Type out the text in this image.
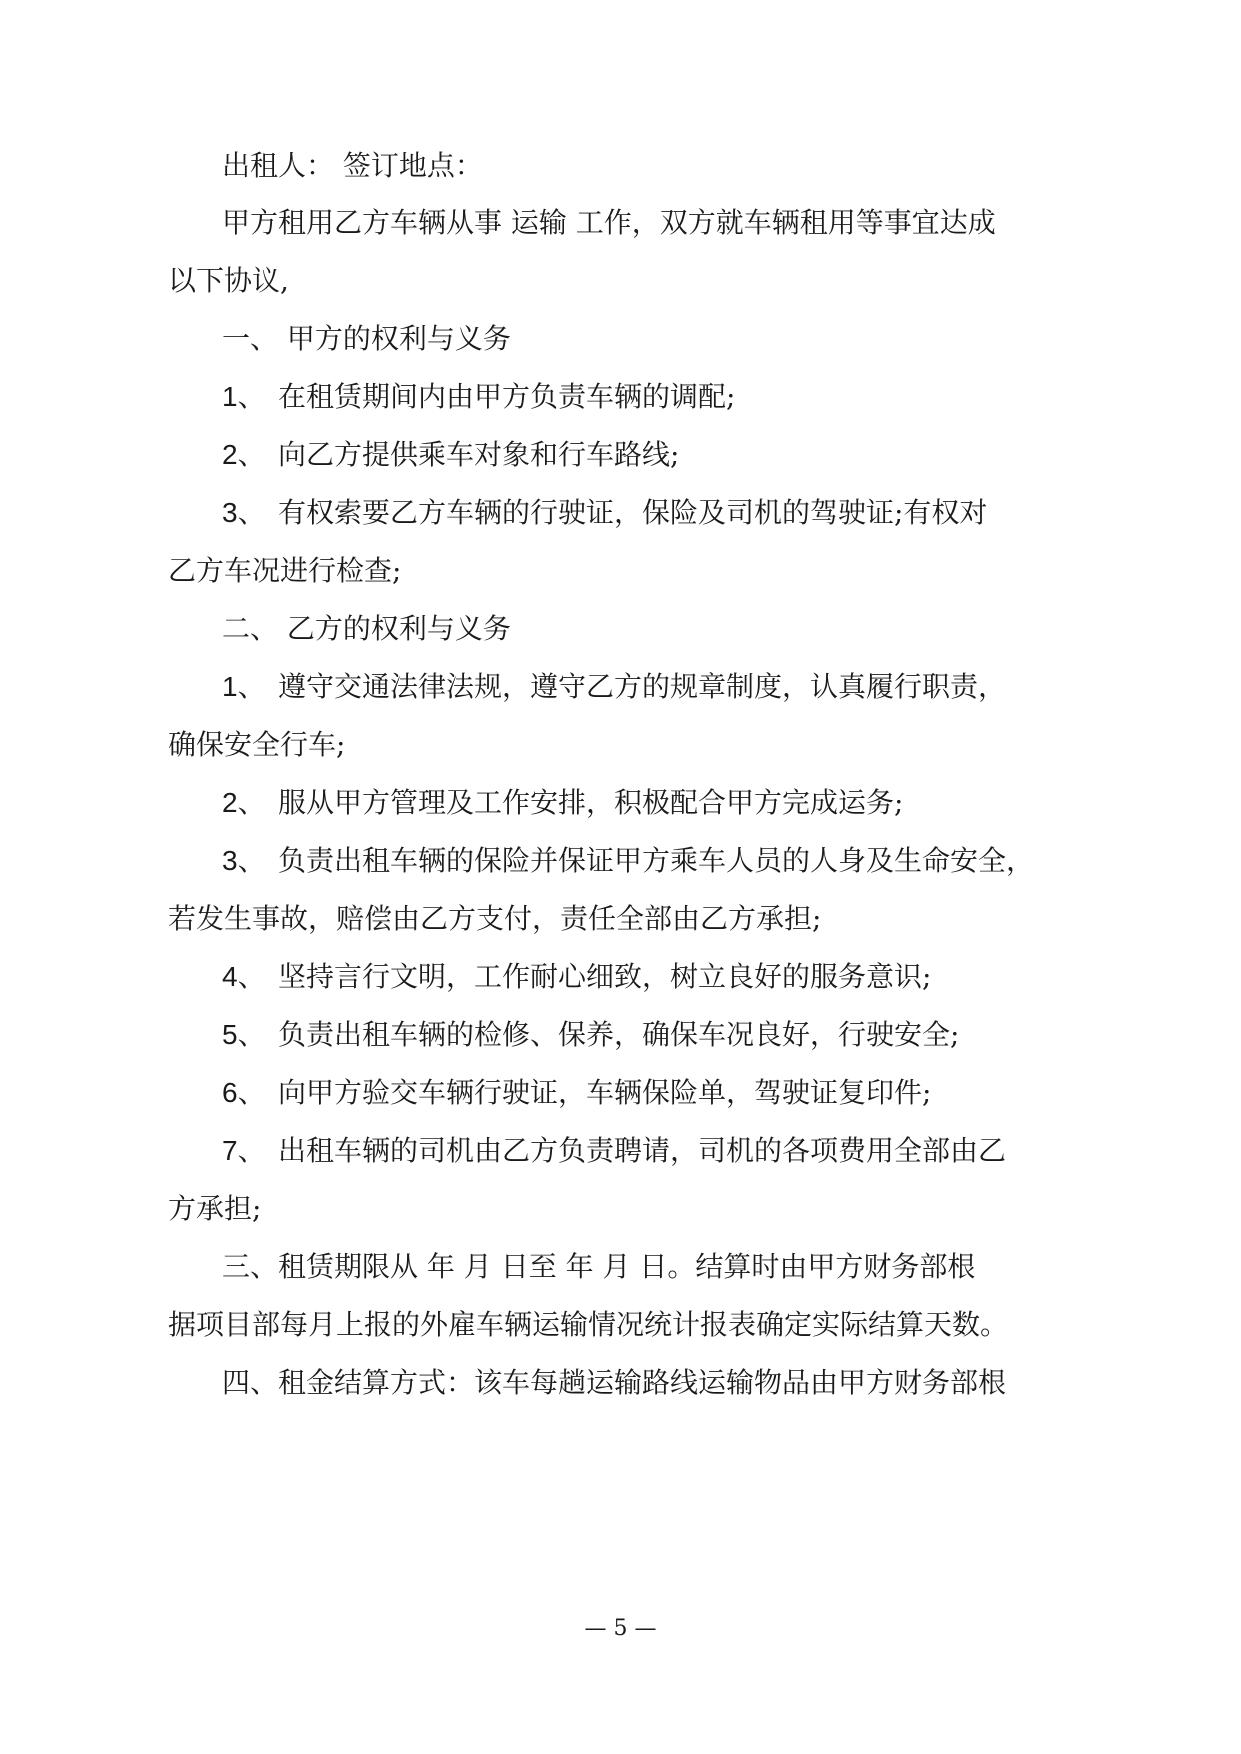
出租人： 签订地点：
甲方租用乙方车辆从事 运输 工作，双方就车辆租用等事宜达成
以下协议,
一、 甲方的权利与义务
1、 在租赁期间内由甲方负责车辆的调配;
2、 向乙方提供乘车对象和行车路线;
3、 有权索要乙方车辆的行驶证，保险及司机的驾驶证;有权对
乙方车况进行检查;
二、 乙方的权利与义务
1、 遵守交通法律法规，遵守乙方的规章制度，认真履行职责，
确保安全行车;
2、 服从甲方管理及工作安排，积极配合甲方完成运务;
3、 负责出租车辆的保险并保证甲方乘车人员的人身及生命安全，
若发生事故，赔偿由乙方支付，责任全部由乙方承担;
4、 坚持言行文明，工作耐心细致，树立良好的服务意识;
5、 负责出租车辆的检修、保养，确保车况良好，行驶安全;
6、 向甲方验交车辆行驶证，车辆保险单，驾驶证复印件;
7、 出租车辆的司机由乙方负责聘请，司机的各项费用全部由乙
方承担;
三、租赁期限从 年 月 日至 年 月 日。结算时由甲方财务部根
据项目部每月上报的外雇车辆运输情况统计报表确定实际结算天数。
四、租金结算方式：该车每趟运输路线运输物品由甲方财务部根
— 5 —
